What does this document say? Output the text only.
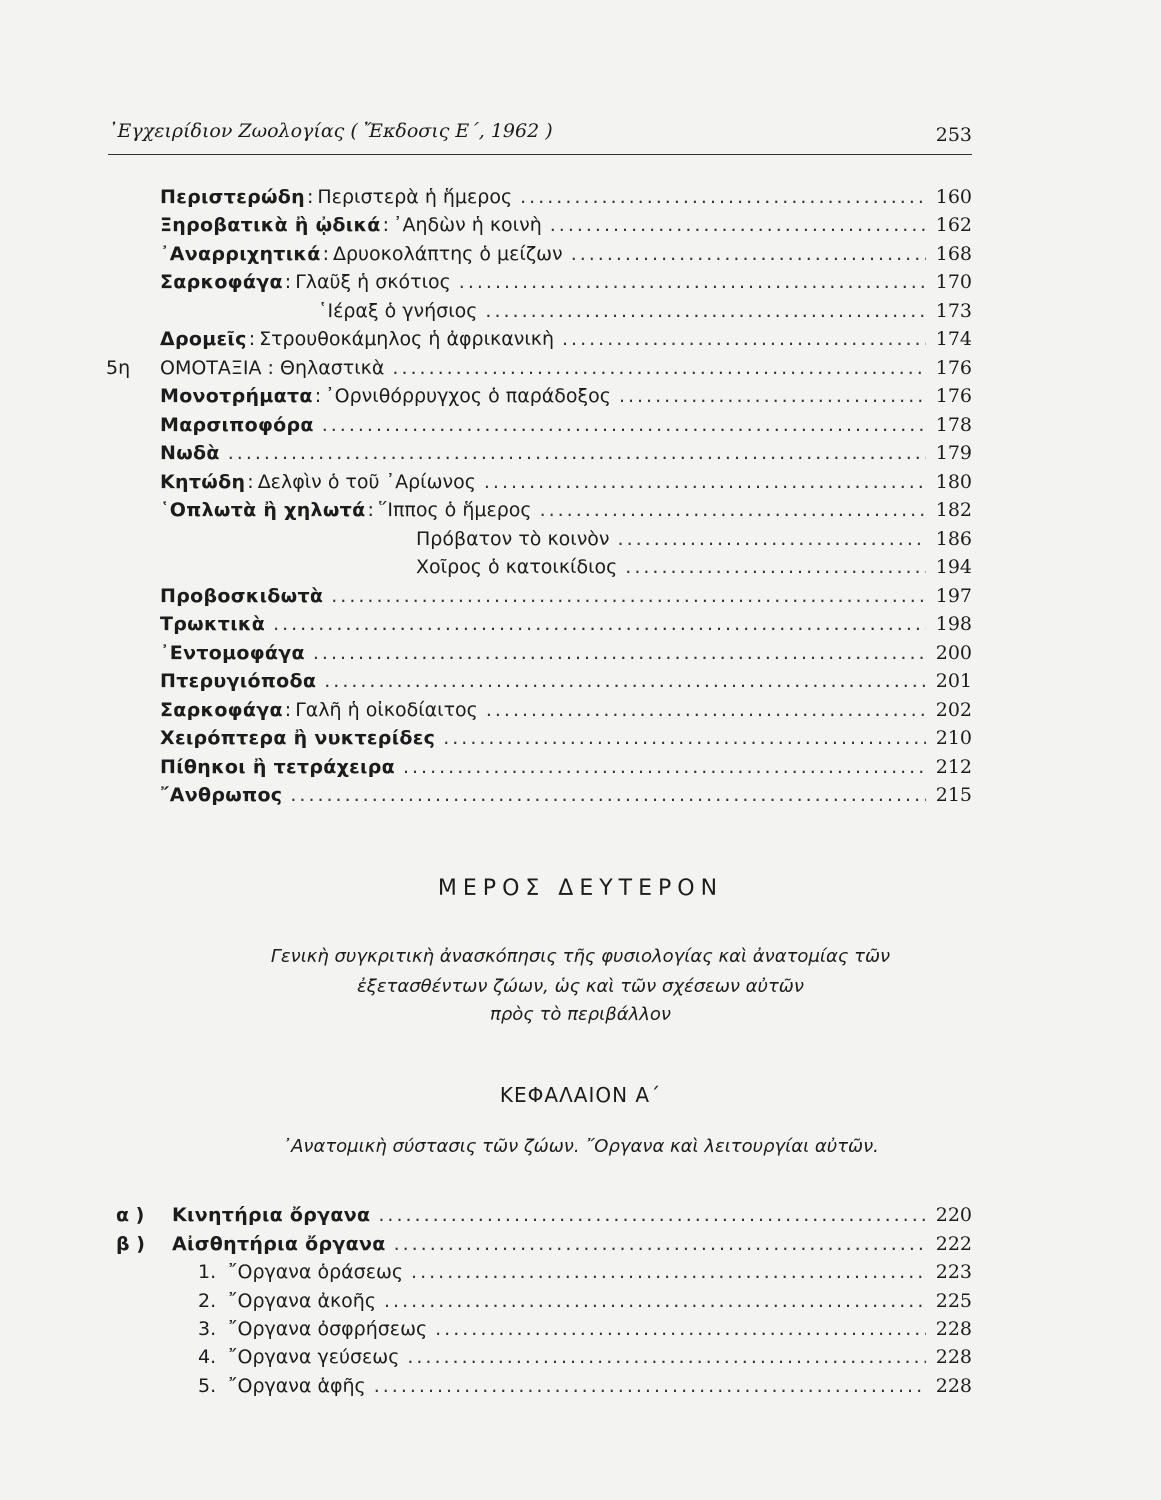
᾿Εγχειρίδιον Ζωολογίας ( Ἔκδοσις Ε΄, 1962 )	253
Περιστερώδη : Περιστερὰ ἡ ἥμερος .....	160
Ξηροβατικὰ ἢ ᾠδικά : ᾿Αηδὼν ἡ κοινὴ .....	162
᾿Αναρριχητικά : Δρυοκολάπτης ὁ μείζων .....	168
Σαρκοφάγα : Γλαῦξ ἡ σκότιος .....	170
῾Ιέραξ ὁ γνήσιος .....	173
Δρομεῖς : Στρουθοκάμηλος ἡ ἀφρικανικὴ .....	174
5η ΟΜΟΤΑΞΙΑ : Θηλαστικὰ .....	176
Μονοτρήματα : ᾿Ορνιθόρρυγχος ὁ παράδοξος .....	176
Μαρσιποφόρα .....	178
Νωδὰ .....	179
Κητώδη : Δελφὶν ὁ τοῦ ᾿Αρίωνος .....	180
῾Οπλωτὰ ἢ χηλωτά : ῞Ιππος ὁ ἥμερος .....	182
Πρόβατον τὸ κοινὸν .....	186
Χοῖρος ὁ κατοικίδιος .....	194
Προβοσκιδωτὰ .....	197
Τρωκτικὰ .....	198
᾿Εντομοφάγα .....	200
Πτερυγιόποδα .....	201
Σαρκοφάγα : Γαλῆ ἡ οἰκοδίαιτος .....	202
Χειρόπτερα ἢ νυκτερίδες .....	210
Πίθηκοι ἢ τετράχειρα .....	212
῎Ανθρωπος .....	215
ΜΕΡΟΣ ΔΕΥΤΕΡΟΝ
Γενικὴ συγκριτικὴ ἀνασκόπησις τῆς φυσιολογίας καὶ ἀνατομίας τῶν
ἐξετασθέντων ζώων, ὡς καὶ τῶν σχέσεων αὐτῶν
πρὸς τὸ περιβάλλον
ΚΕΦΑΛΑΙΟΝ Α΄
᾿Ανατομικὴ σύστασις τῶν ζώων. ῎Οργανα καὶ λειτουργίαι αὐτῶν.
α ) Κινητήρια ὄργανα .....	220
β ) Αἰσθητήρια ὄργανα .....	222
1. ῎Οργανα ὁράσεως .....	223
2. ῎Οργανα ἀκοῆς .....	225
3. ῎Οργανα ὀσφρήσεως .....	228
4. ῎Οργανα γεύσεως .....	228
5. ῎Οργανα ἁφῆς .....	228
